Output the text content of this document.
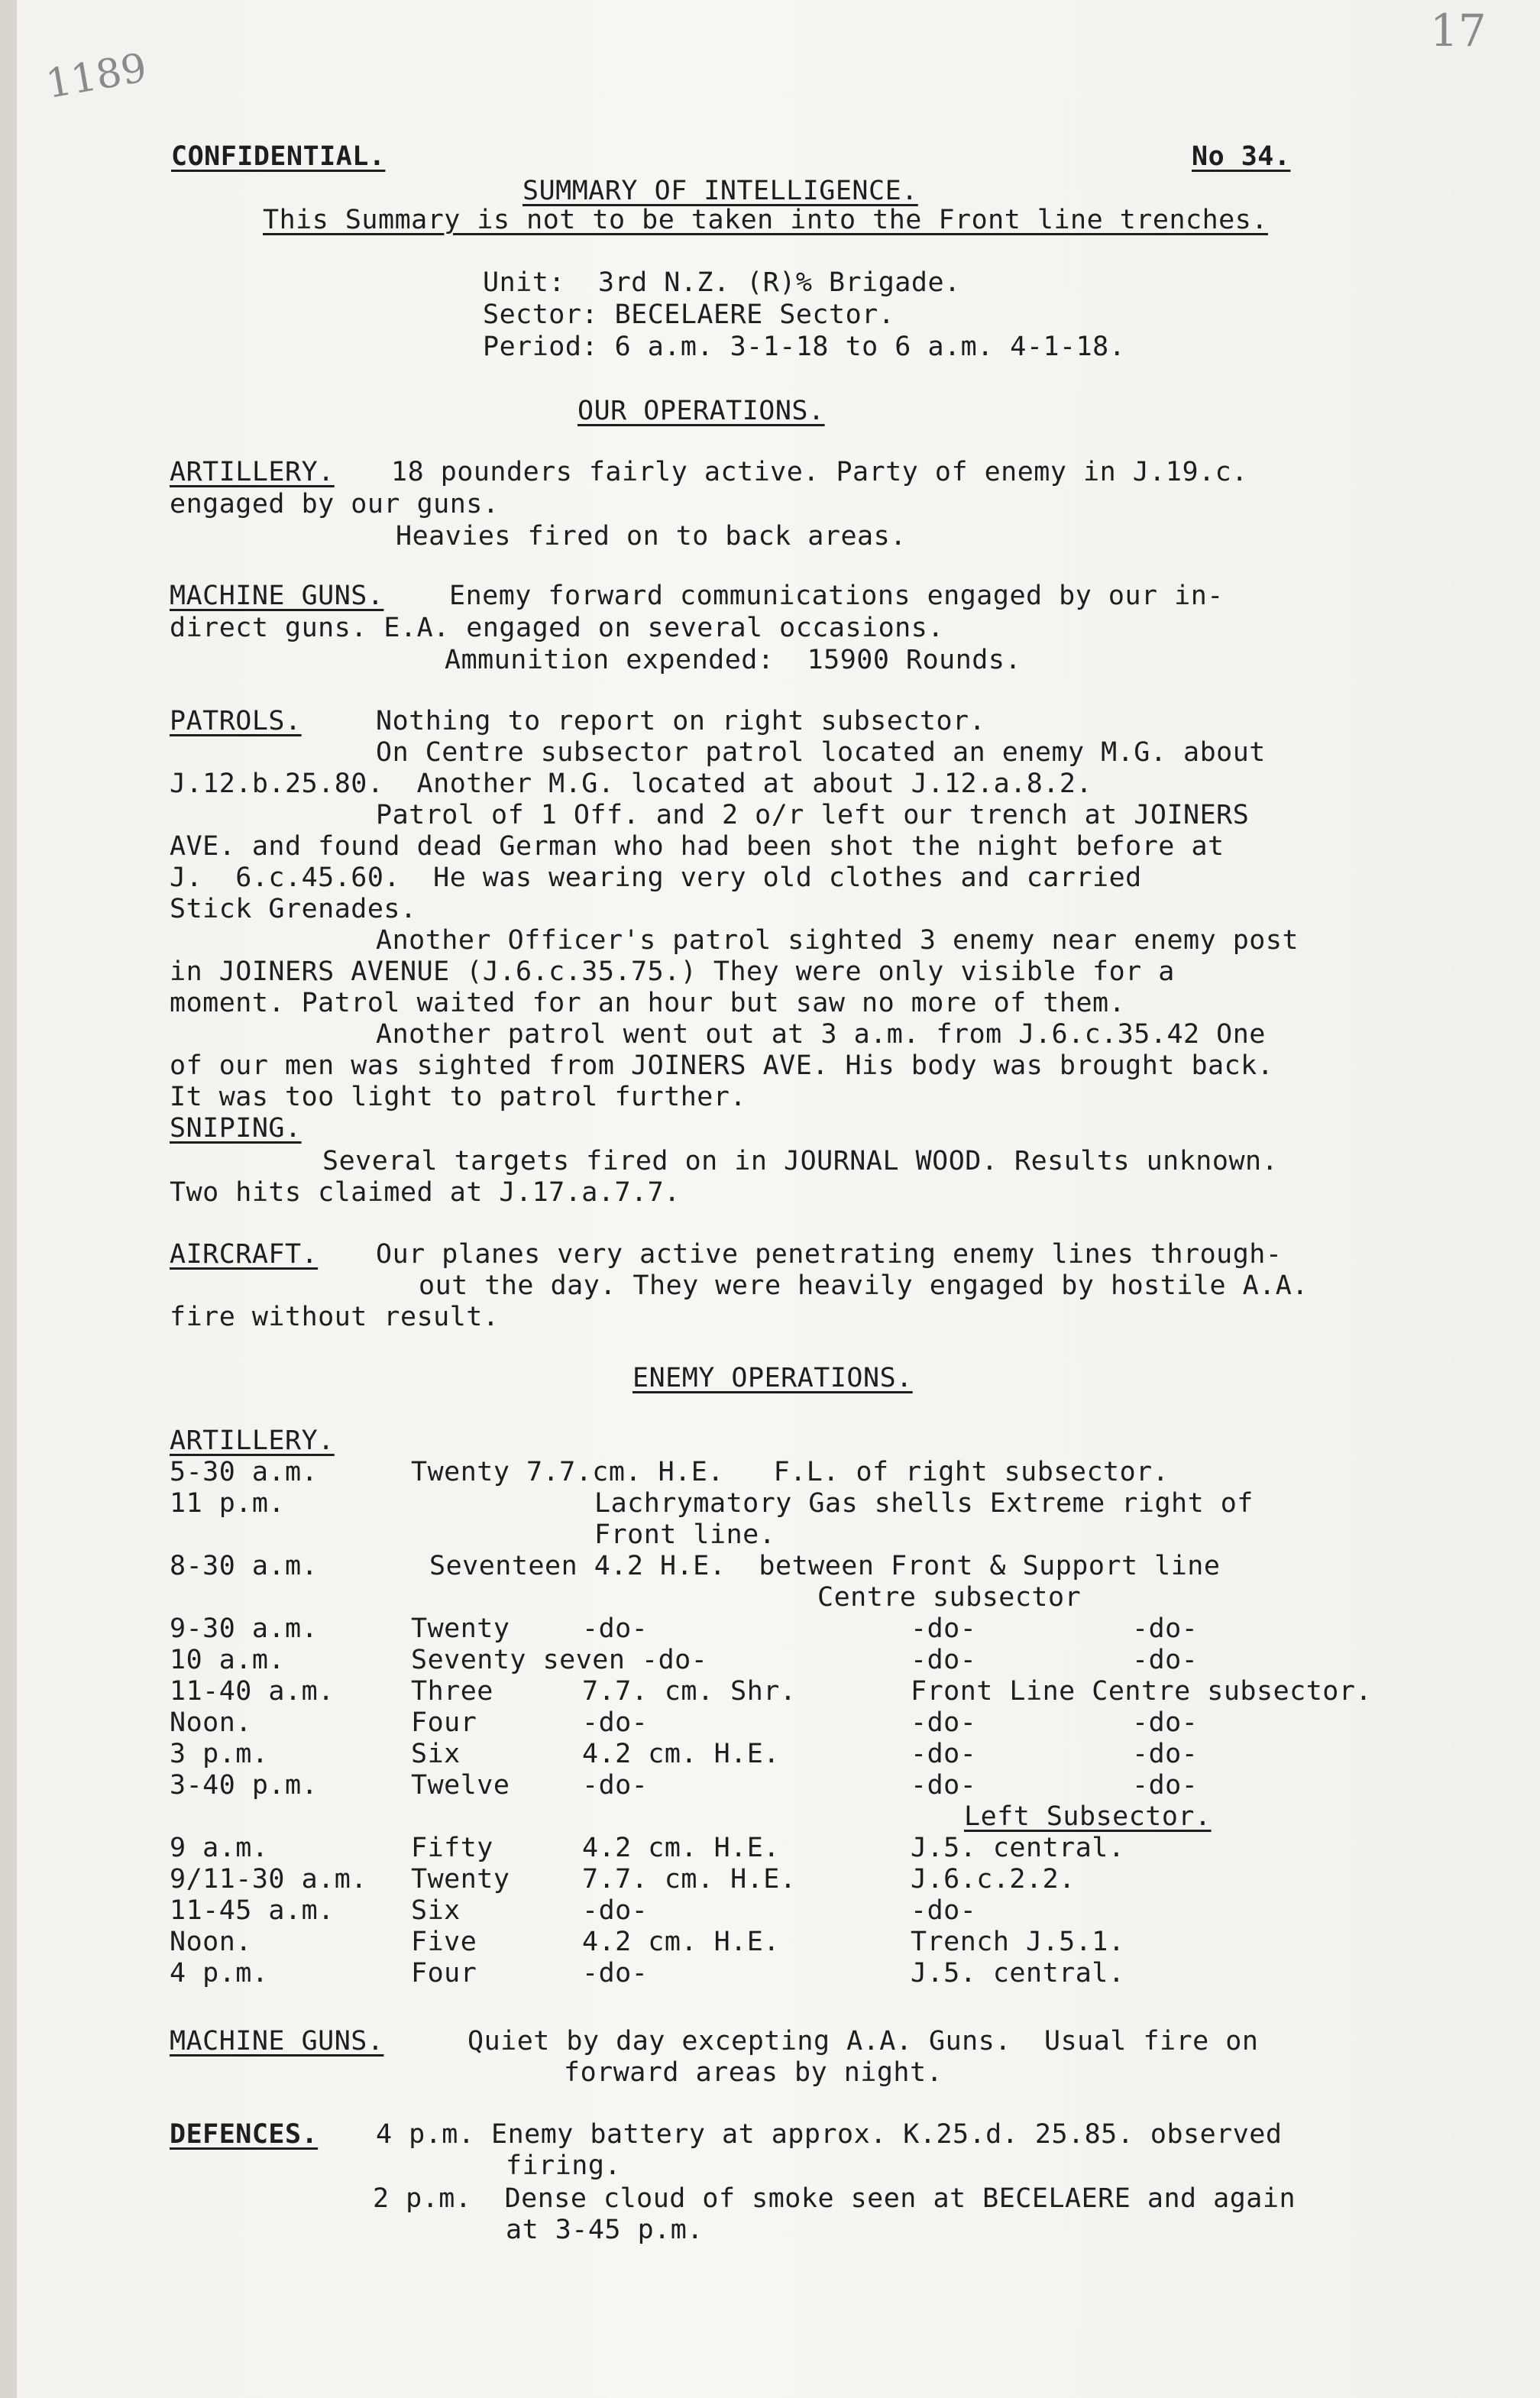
1189
17
CONFIDENTIAL.	No 34.
SUMMARY OF INTELLIGENCE.
This Summary is not to be taken into the Front line trenches.
Unit:  3rd N.Z. (R)% Brigade.
Sector: BECELAERE Sector.
Period: 6 a.m. 3-1-18 to 6 a.m. 4-1-18.
OUR OPERATIONS.
ARTILLERY. 18 pounders fairly active. Party of enemy in J.19.c.
engaged by our guns.
Heavies fired on to back areas.
MACHINE GUNS. Enemy forward communications engaged by our in-
direct guns. E.A. engaged on several occasions.
Ammunition expended:  15900 Rounds.
PATROLS.	Nothing to report on right subsector.
On Centre subsector patrol located an enemy M.G. about
J.12.b.25.80.  Another M.G. located at about J.12.a.8.2.
Patrol of 1 Off. and 2 o/r left our trench at JOINERS
AVE. and found dead German who had been shot the night before at
J.  6.c.45.60.  He was wearing very old clothes and carried
Stick Grenades.
Another Officer's patrol sighted 3 enemy near enemy post
in JOINERS AVENUE (J.6.c.35.75.) They were only visible for a
moment. Patrol waited for an hour but saw no more of them.
Another patrol went out at 3 a.m. from J.6.c.35.42 One
of our men was sighted from JOINERS AVE. His body was brought back.
It was too light to patrol further.
SNIPING.
Several targets fired on in JOURNAL WOOD. Results unknown.
Two hits claimed at J.17.a.7.7.
AIRCRAFT. Our planes very active penetrating enemy lines through-
out the day. They were heavily engaged by hostile A.A.
fire without result.
ENEMY OPERATIONS.
ARTILLERY.
5-30 a.m.	Twenty 7.7.cm. H.E.   F.L. of right subsector.
11 p.m.	Lachrymatory Gas shells Extreme right of
Front line.
8-30 a.m.	Seventeen 4.2 H.E.  between Front & Support line
Centre subsector
9-30 a.m.	Twenty	-do-	-do-	-do-
10 a.m.	Seventy seven -do-	-do-	-do-
11-40 a.m.	Three	7.7. cm. Shr.	Front Line Centre subsector.
Noon.	Four	-do-	-do-	-do-
3 p.m.	Six	4.2 cm. H.E.	-do-	-do-
3-40 p.m.	Twelve	-do-	-do-	-do-
Left Subsector.
9 a.m.	Fifty	4.2 cm. H.E.	J.5. central.
9/11-30 a.m. Twenty	7.7. cm. H.E.	J.6.c.2.2.
11-45 a.m.	Six	-do-	-do-
Noon.	Five	4.2 cm. H.E.	Trench J.5.1.
4 p.m.	Four	-do-	J.5. central.
MACHINE GUNS.	Quiet by day excepting A.A. Guns.  Usual fire on
forward areas by night.
DEFENCES. 4 p.m. Enemy battery at approx. K.25.d. 25.85. observed
firing.
2 p.m.  Dense cloud of smoke seen at BECELAERE and again
at 3-45 p.m.
